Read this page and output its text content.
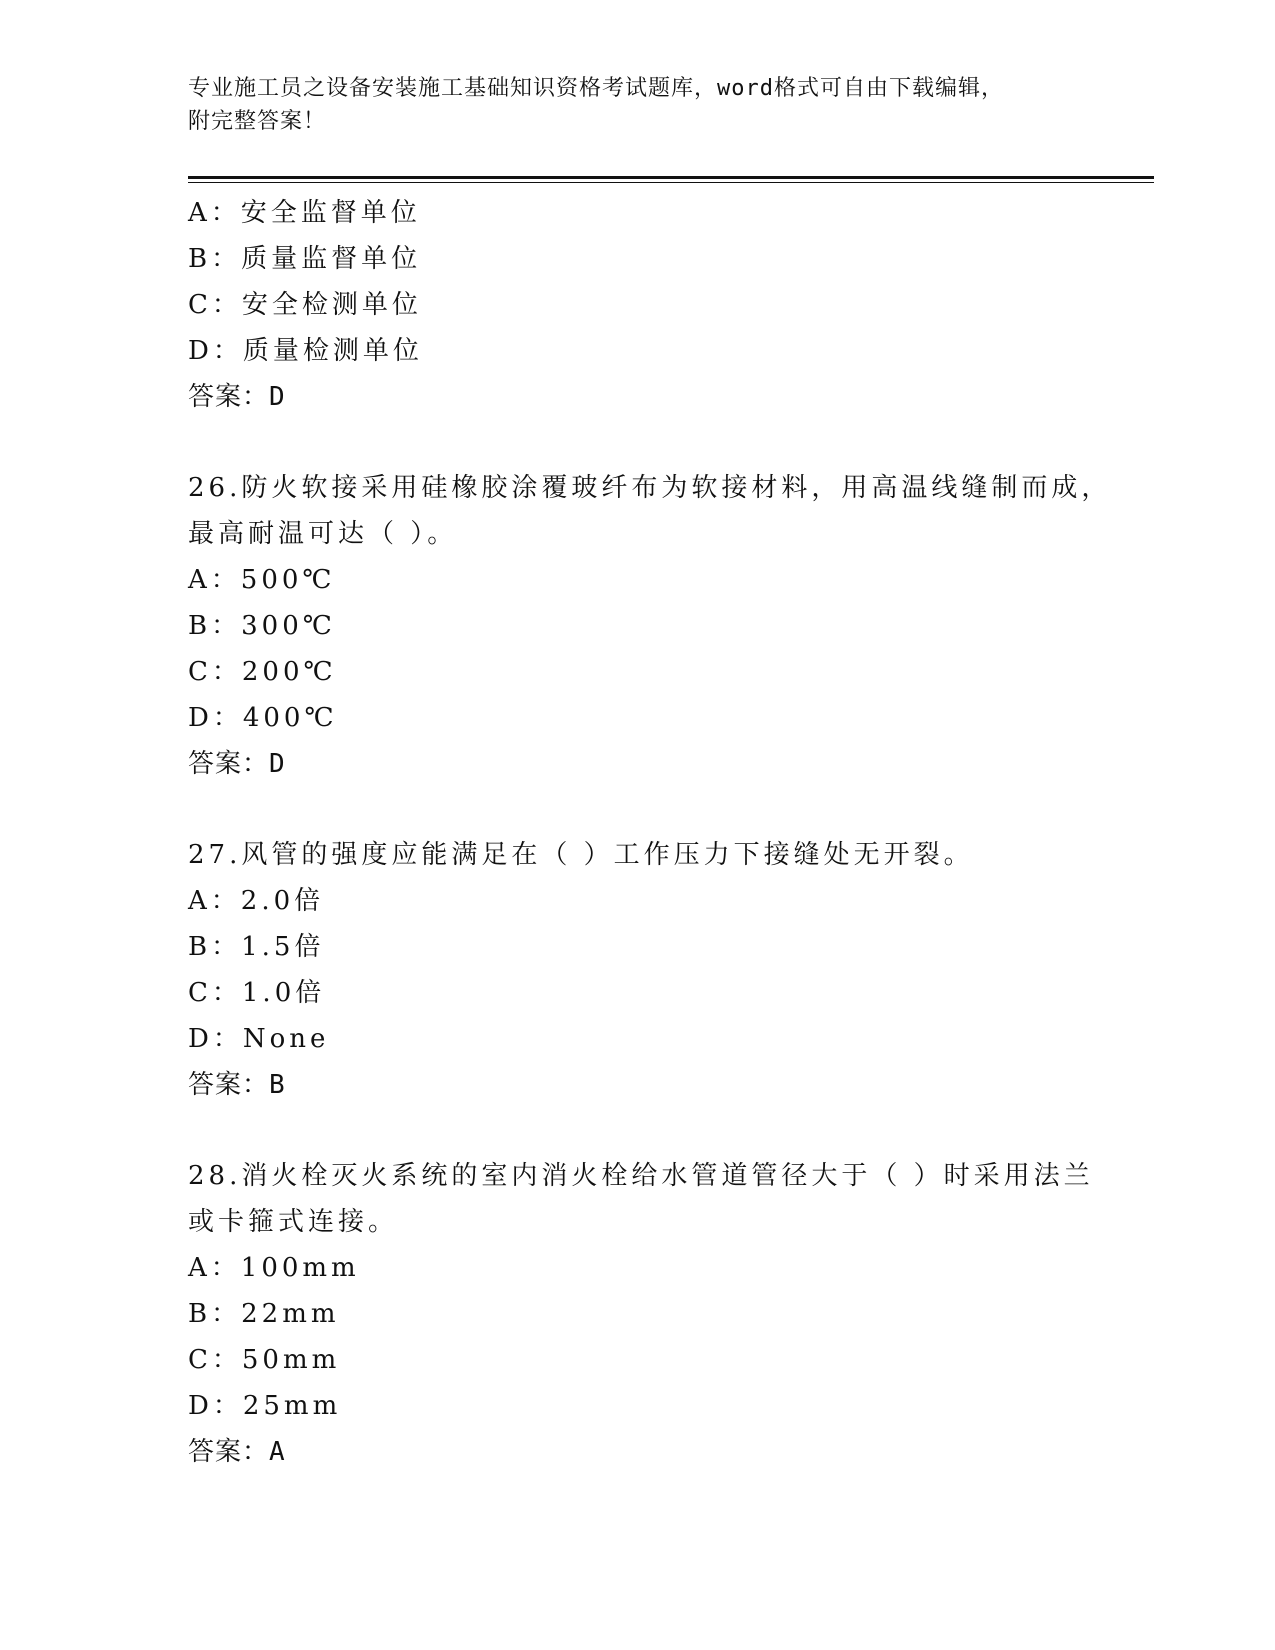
专业施工员之设备安装施工基础知识资格考试题库，word格式可自由下载编辑，
附完整答案！
A：安全监督单位
B：质量监督单位
C：安全检测单位
D：质量检测单位
答案：D
26.防火软接采用硅橡胶涂覆玻纤布为软接材料，用高温线缝制而成，
最高耐温可达（ ）。
A：500℃
B：300℃
C：200℃
D：400℃
答案：D
27.风管的强度应能满足在（ ）工作压力下接缝处无开裂。
A：2.0倍
B：1.5倍
C：1.0倍
D：None
答案：B
28.消火栓灭火系统的室内消火栓给水管道管径大于（ ）时采用法兰
或卡箍式连接。
A：100mm
B：22mm
C：50mm
D：25mm
答案：A
